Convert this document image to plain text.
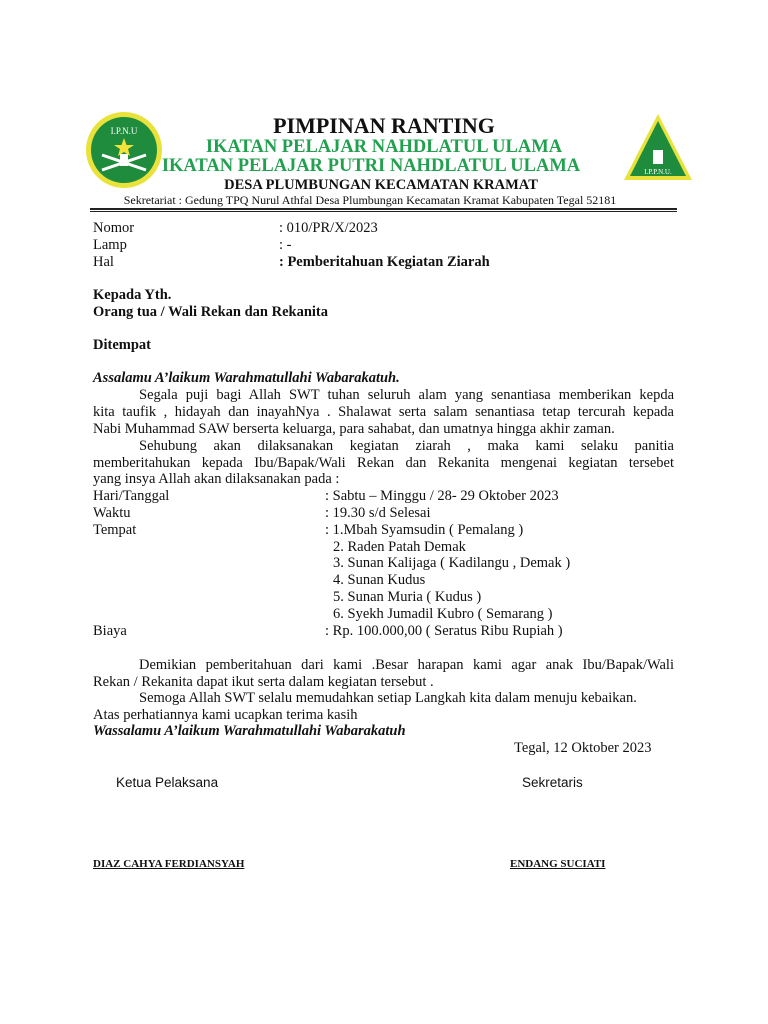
I.P.N.U
I.P.P.N.U.
PIMPINAN RANTING
IKATAN PELAJAR NAHDLATUL ULAMA
IKATAN PELAJAR PUTRI NAHDLATUL ULAMA
DESA PLUMBUNGAN KECAMATAN KRAMAT
Sekretariat : Gedung TPQ Nurul Athfal Desa Plumbungan Kecamatan Kramat Kabupaten Tegal 52181
Nomor	: 010/PR/X/2023
Lamp	: -
Hal	: Pemberitahuan Kegiatan Ziarah
Kepada Yth.
Orang tua / Wali Rekan dan Rekanita
Ditempat
Assalamu A’laikum Warahmatullahi Wabarakatuh.
Segala puji bagi Allah SWT tuhan seluruh alam yang senantiasa memberikan kepda
kita taufik , hidayah dan inayahNya . Shalawat serta salam senantiasa tetap tercurah kepada
Nabi Muhammad SAW berserta keluarga, para sahabat, dan umatnya hingga akhir zaman.
Sehubung akan dilaksanakan kegiatan ziarah , maka kami selaku panitia
memberitahukan kepada Ibu/Bapak/Wali Rekan dan Rekanita mengenai kegiatan tersebet
yang insya Allah akan dilaksanakan pada :
Hari/Tanggal	: Sabtu – Minggu / 28- 29 Oktober 2023
Waktu	: 19.30 s/d Selesai
Tempat	: 1.Mbah Syamsudin ( Pemalang )
2. Raden Patah Demak
3. Sunan Kalijaga ( Kadilangu , Demak )
4. Sunan Kudus
5. Sunan Muria ( Kudus )
6. Syekh Jumadil Kubro ( Semarang )
Biaya	: Rp. 100.000,00 ( Seratus Ribu Rupiah )
Demikian pemberitahuan dari kami .Besar harapan kami agar anak Ibu/Bapak/Wali
Rekan / Rekanita dapat ikut serta dalam kegiatan tersebut .
Semoga Allah SWT selalu memudahkan setiap Langkah kita dalam menuju kebaikan.
Atas perhatiannya kami ucapkan terima kasih
Wassalamu A’laikum Warahmatullahi Wabarakatuh
Tegal, 12 Oktober 2023
Ketua Pelaksana	Sekretaris
DIAZ CAHYA FERDIANSYAH	ENDANG SUCIATI
